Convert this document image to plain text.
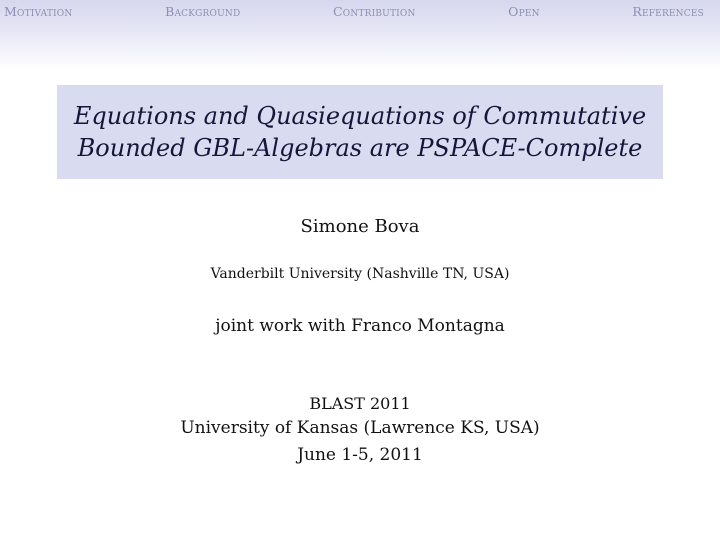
Motivation	Background	Contribution	Open	References
Equations and Quasiequations of Commutative
Bounded GBL-Algebras are PSPACE-Complete
Simone Bova
Vanderbilt University (Nashville TN, USA)
joint work with Franco Montagna
BLAST 2011
University of Kansas (Lawrence KS, USA)
June 1-5, 2011
